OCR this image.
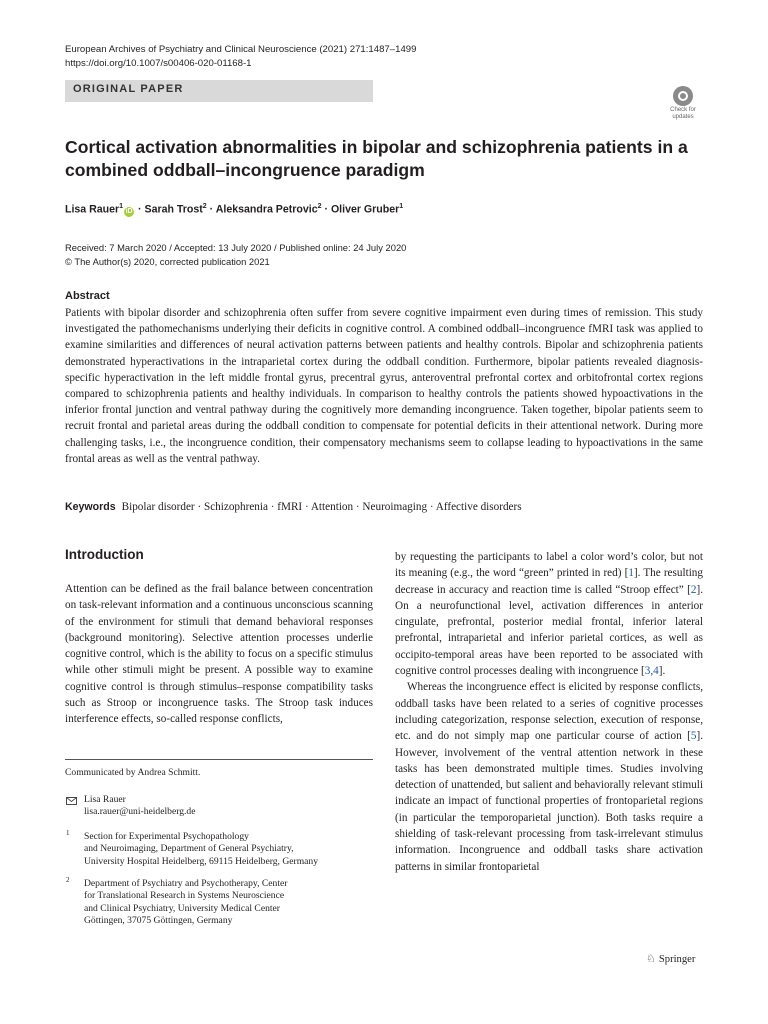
European Archives of Psychiatry and Clinical Neuroscience (2021) 271:1487–1499
https://doi.org/10.1007/s00406-020-01168-1
ORIGINAL PAPER
Check for
updates
Cortical activation abnormalities in bipolar and schizophrenia patients in a combined oddball–incongruence paradigm
Lisa Rauer$^1$iD · Sarah Trost$^2$ · Aleksandra Petrovic$^2$ · Oliver Gruber$^1$
Received: 7 March 2020 / Accepted: 13 July 2020 / Published online: 24 July 2020
© The Author(s) 2020, corrected publication 2021
Abstract
Patients with bipolar disorder and schizophrenia often suffer from severe cognitive impairment even during times of remission. This study investigated the pathomechanisms underlying their deficits in cognitive control. A combined oddball–incongruence fMRI task was applied to examine similarities and differences of neural activation patterns between patients and healthy controls. Bipolar and schizophrenia patients demonstrated hyperactivations in the intraparietal cortex during the oddball condition. Furthermore, bipolar patients revealed diagnosis-specific hyperactivation in the left middle frontal gyrus, precentral gyrus, anteroventral prefrontal cortex and orbitofrontal cortex regions compared to schizophrenia patients and healthy individuals. In comparison to healthy controls the patients showed hypoactivations in the inferior frontal junction and ventral pathway during the cognitively more demanding incongruence. Taken together, bipolar patients seem to recruit frontal and parietal areas during the oddball condition to compensate for potential deficits in their attentional network. During more challenging tasks, i.e., the incongruence condition, their compensatory mechanisms seem to collapse leading to hypoactivations in the same frontal areas as well as the ventral pathway.
Keywords Bipolar disorder · Schizophrenia · fMRI · Attention · Neuroimaging · Affective disorders
Introduction
Attention can be defined as the frail balance between concentration on task-relevant information and a continuous unconscious scanning of the environment for stimuli that demand behavioral responses (background monitoring). Selective attention processes underlie cognitive control, which is the ability to focus on a specific stimulus while other stimuli might be present. A possible way to examine cognitive control is through stimulus–response compatibility tasks such as Stroop or incongruence tasks. The Stroop task induces interference effects, so-called response conflicts,

by requesting the participants to label a color word’s color, but not its meaning (e.g., the word “green” printed in red) [1]. The resulting decrease in accuracy and reaction time is called “Stroop effect” [2]. On a neurofunctional level, activation differences in anterior cingulate, prefrontal, posterior medial frontal, inferior lateral prefrontal, intraparietal and inferior parietal cortices, as well as occipito-temporal areas have been reported to be associated with cognitive control processes dealing with incongruence [3,4].

Whereas the incongruence effect is elicited by response conflicts, oddball tasks have been related to a series of cognitive processes including categorization, response selection, execution of response, etc. and do not simply map one particular course of action [5]. However, involvement of the ventral attention network in these tasks has been demonstrated multiple times. Studies involving detection of unattended, but salient and behaviorally relevant stimuli indicate an impact of functional properties of frontoparietal regions (in particular the temporoparietal junction). Both tasks require a shielding of task-relevant processing from task-irrelevant stimulus information. Incongruence and oddball tasks share activation patterns in similar frontoparietal

Communicated by Andrea Schmitt.
Lisa Rauer
lisa.rauer@uni-heidelberg.de
1 Section for Experimental Psychopathology
and Neuroimaging, Department of General Psychiatry,
University Hospital Heidelberg, 69115 Heidelberg, Germany
2 Department of Psychiatry and Psychotherapy, Center
for Translational Research in Systems Neuroscience
and Clinical Psychiatry, University Medical Center
Göttingen, 37075 Göttingen, Germany
♘ Springer
